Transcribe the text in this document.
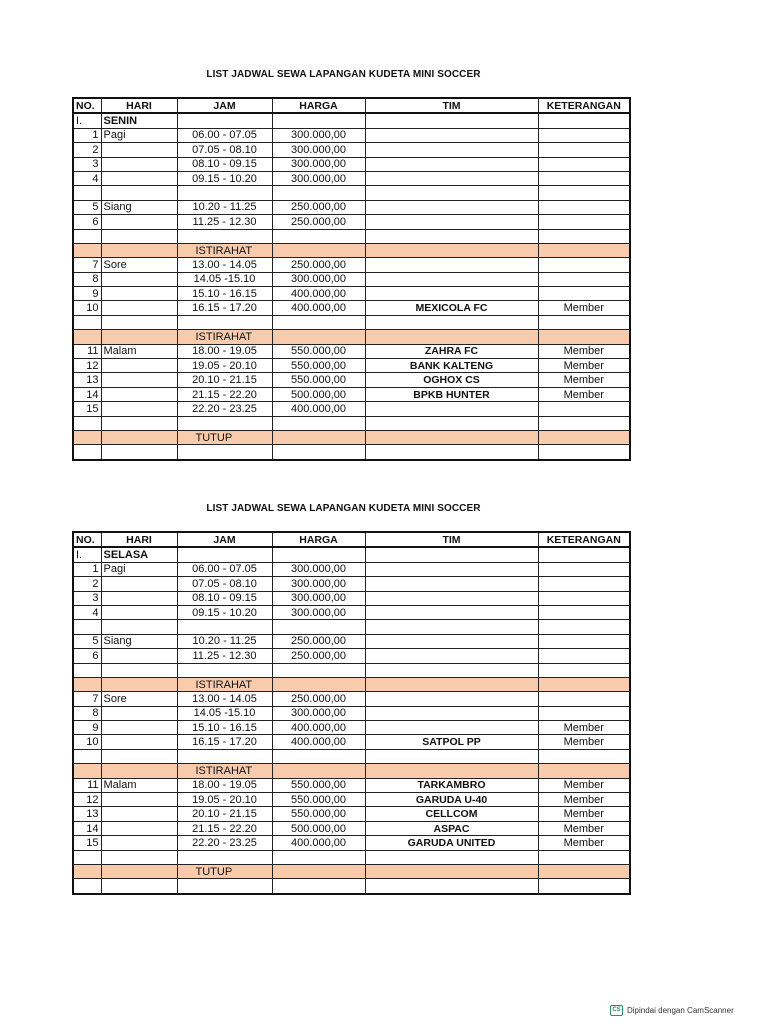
LIST JADWAL SEWA LAPANGAN KUDETA MINI SOCCER
NO.	HARI	JAM	HARGA	TIM	KETERANGAN
I.	SENIN				
1	Pagi	06.00 - 07.05	300.000,00		
2		07.05 - 08.10	300.000,00		
3		08.10 - 09.15	300.000,00		
4		09.15 - 10.20	300.000,00		

5	Siang	10.20 - 11.25	250.000,00		
6		11.25 - 12.30	250.000,00		

		ISTIRAHAT			
7	Sore	13.00 - 14.05	250.000,00		
8		14.05 -15.10	300.000,00		
9		15.10 - 16.15	400.000,00		
10		16.15 - 17.20	400.000,00	MEXICOLA FC	Member

		ISTIRAHAT			
11	Malam	18.00 - 19.05	550.000,00	ZAHRA FC	Member
12		19.05 - 20.10	550.000,00	BANK KALTENG	Member
13		20.10 - 21.15	550.000,00	OGHOX CS	Member
14		21.15 - 22.20	500.000,00	BPKB HUNTER	Member
15		22.20 - 23.25	400.000,00		

		TUTUP			

LIST JADWAL SEWA LAPANGAN KUDETA MINI SOCCER
NO.	HARI	JAM	HARGA	TIM	KETERANGAN
I.	SELASA				
1	Pagi	06.00 - 07.05	300.000,00		
2		07.05 - 08.10	300.000,00		
3		08.10 - 09.15	300.000,00		
4		09.15 - 10.20	300.000,00		

5	Siang	10.20 - 11.25	250.000,00		
6		11.25 - 12.30	250.000,00		

		ISTIRAHAT			
7	Sore	13.00 - 14.05	250.000,00		
8		14.05 -15.10	300.000,00		
9		15.10 - 16.15	400.000,00		Member
10		16.15 - 17.20	400.000,00	SATPOL PP	Member

		ISTIRAHAT			
11	Malam	18.00 - 19.05	550.000,00	TARKAMBRO	Member
12		19.05 - 20.10	550.000,00	GARUDA U-40	Member
13		20.10 - 21.15	550.000,00	CELLCOM	Member
14		21.15 - 22.20	500.000,00	ASPAC	Member
15		22.20 - 23.25	400.000,00	GARUDA UNITED	Member

		TUTUP			

CS Dipindai dengan CamScanner
